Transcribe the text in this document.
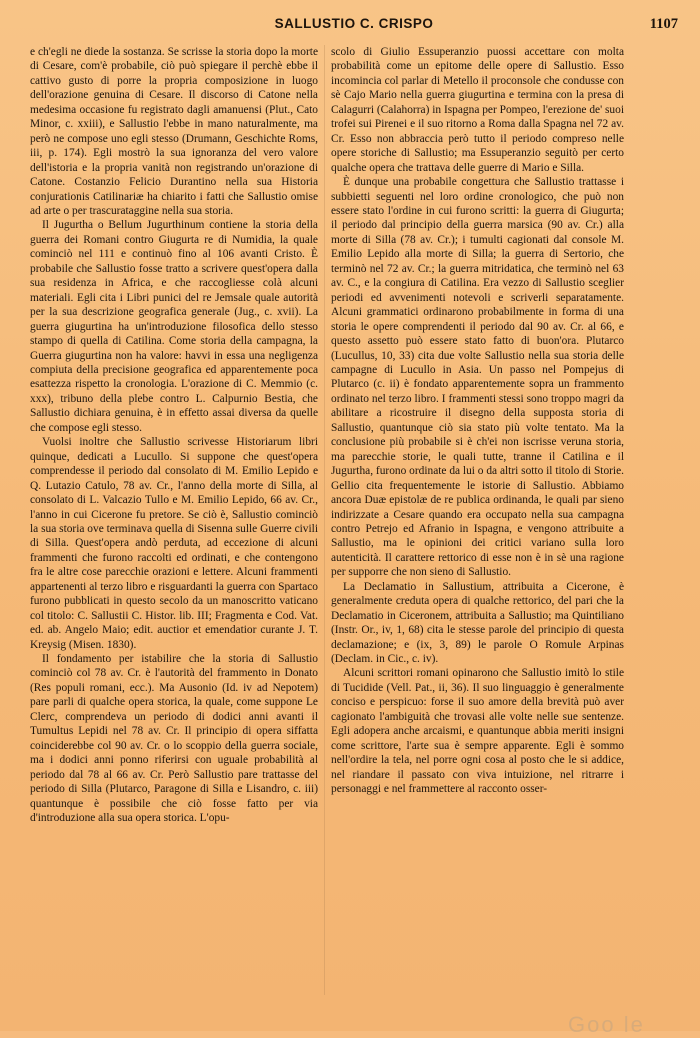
SALLUSTIO C. CRISPO	1107

e ch'egli ne diede la sostanza. Se scrisse la storia dopo la morte di Cesare, com'è probabile, ciò può spiegare il perchè ebbe il cattivo gusto di porre la propria composizione in luogo dell'orazione genuina di Cesare. Il discorso di Catone nella medesima occasione fu registrato dagli amanuensi (Plut., Cato Minor, c. xxiii), e Sallustio l'ebbe in mano naturalmente, ma però ne compose uno egli stesso (Drumann, Geschichte Roms, iii, p. 174). Egli mostrò la sua ignoranza del vero valore dell'istoria e la propria vanità non registrando un'orazione di Catone. Costanzio Felicio Durantino nella sua Historia conjurationis Catilinariæ ha chiarito i fatti che Sallustio omise ad arte o per trascurataggine nella sua storia.

Il Jugurtha o Bellum Jugurthinum contiene la storia della guerra dei Romani contro Giugurta re di Numidia, la quale cominciò nel 111 e continuò fino al 106 avanti Cristo. È probabile che Sallustio fosse tratto a scrivere quest'opera dalla sua residenza in Africa, e che raccogliesse colà alcuni materiali. Egli cita i Libri punici del re Jemsale quale autorità per la sua descrizione geografica generale (Jug., c. xvii). La guerra giugurtina ha un'introduzione filosofica dello stesso stampo di quella di Catilina. Come storia della campagna, la Guerra giugurtina non ha valore: havvi in essa una negligenza compiuta della precisione geografica ed apparentemente poca esattezza rispetto la cronologia. L'orazione di C. Memmio (c. xxx), tribuno della plebe contro L. Calpurnio Bestia, che Sallustio dichiara genuina, è in effetto assai diversa da quelle che compose egli stesso.

Vuolsi inoltre che Sallustio scrivesse Historiarum libri quinque, dedicati a Lucullo. Si suppone che quest'opera comprendesse il periodo dal consolato di M. Emilio Lepido e Q. Lutazio Catulo, 78 av. Cr., l'anno della morte di Silla, al consolato di L. Valcazio Tullo e M. Emilio Lepido, 66 av. Cr., l'anno in cui Cicerone fu pretore. Se ciò è, Sallustio cominciò la sua storia ove terminava quella di Sisenna sulle Guerre civili di Silla. Quest'opera andò perduta, ad eccezione di alcuni frammenti che furono raccolti ed ordinati, e che contengono fra le altre cose parecchie orazioni e lettere. Alcuni frammenti appartenenti al terzo libro e risguardanti la guerra con Spartaco furono pubblicati in questo secolo da un manoscritto vaticano col titolo: C. Sallustii C. Histor. lib. III; Fragmenta e Cod. Vat. ed. ab. Angelo Maio; edit. auctior et emendatior curante J. T. Kreysig (Misen. 1830).

Il fondamento per istabilire che la storia di Sallustio cominciò col 78 av. Cr. è l'autorità del frammento in Donato (Res populi romani, ecc.). Ma Ausonio (Id. iv ad Nepotem) pare parli di qualche opera storica, la quale, come suppone Le Clerc, comprendeva un periodo di dodici anni avanti il Tumultus Lepidi nel 78 av. Cr. Il principio di opera siffatta coinciderebbe col 90 av. Cr. o lo scoppio della guerra sociale, ma i dodici anni ponno riferirsi con uguale probabilità al periodo dal 78 al 66 av. Cr. Però Sallustio pare trattasse del periodo di Silla (Plutarco, Paragone di Silla e Lisandro, c. iii) quantunque è possibile che ciò fosse fatto per via d'introduzione alla sua opera storica. L'opu-

scolo di Giulio Essuperanzio puossi accettare con molta probabilità come un epitome delle opere di Sallustio. Esso incomincia col parlar di Metello il proconsole che condusse con sè Cajo Mario nella guerra giugurtina e termina con la presa di Calagurri (Calahorra) in Ispagna per Pompeo, l'erezione de' suoi trofei sui Pirenei e il suo ritorno a Roma dalla Spagna nel 72 av. Cr. Esso non abbraccia però tutto il periodo compreso nelle opere storiche di Sallustio; ma Essuperanzio seguitò per certo qualche opera che trattava delle guerre di Mario e Silla.

È dunque una probabile congettura che Sallustio trattasse i subbietti seguenti nel loro ordine cronologico, che può non essere stato l'ordine in cui furono scritti: la guerra di Giugurta; il periodo dal principio della guerra marsica (90 av. Cr.) alla morte di Silla (78 av. Cr.); i tumulti cagionati dal console M. Emilio Lepido alla morte di Silla; la guerra di Sertorio, che terminò nel 72 av. Cr.; la guerra mitridatica, che terminò nel 63 av. C., e la congiura di Catilina. Era vezzo di Sallustio sceglier periodi ed avvenimenti notevoli e scriverli separatamente. Alcuni grammatici ordinarono probabilmente in forma di una storia le opere comprendenti il periodo dal 90 av. Cr. al 66, e questo assetto può essere stato fatto di buon'ora. Plutarco (Lucullus, 10, 33) cita due volte Sallustio nella sua storia delle campagne di Lucullo in Asia. Un passo nel Pompejus di Plutarco (c. ii) è fondato apparentemente sopra un frammento ordinato nel terzo libro. I frammenti stessi sono troppo magri da abilitare a ricostruire il disegno della supposta storia di Sallustio, quantunque ciò sia stato più volte tentato. Ma la conclusione più probabile si è ch'ei non iscrisse veruna storia, ma parecchie storie, le quali tutte, tranne il Catilina e il Jugurtha, furono ordinate da lui o da altri sotto il titolo di Storie. Gellio cita frequentemente le istorie di Sallustio. Abbiamo ancora Duæ epistolæ de re publica ordinanda, le quali par sieno indirizzate a Cesare quando era occupato nella sua campagna contro Petrejo ed Afranio in Ispagna, e vengono attribuite a Sallustio, ma le opinioni dei critici variano sulla loro autenticità. Il carattere rettorico di esse non è in sè una ragione per supporre che non sieno di Sallustio.

La Declamatio in Sallustium, attribuita a Cicerone, è generalmente creduta opera di qualche rettorico, del pari che la Declamatio in Ciceronem, attribuita a Sallustio; ma Quintiliano (Instr. Or., iv, 1, 68) cita le stesse parole del principio di questa declamazione; e (ix, 3, 89) le parole O Romule Arpinas (Declam. in Cic., c. iv).

Alcuni scrittori romani opinarono che Sallustio imitò lo stile di Tucidide (Vell. Pat., ii, 36). Il suo linguaggio è generalmente conciso e perspicuo: forse il suo amore della brevità può aver cagionato l'ambiguità che trovasi alle volte nelle sue sentenze. Egli adopera anche arcaismi, e quantunque abbia meriti insigni come scrittore, l'arte sua è sempre apparente. Egli è sommo nell'ordire la tela, nel porre ogni cosa al posto che le si addice, nel riandare il passato con viva intuizione, nel ritrarre i personaggi e nel frammettere al racconto osser-

Goo le
